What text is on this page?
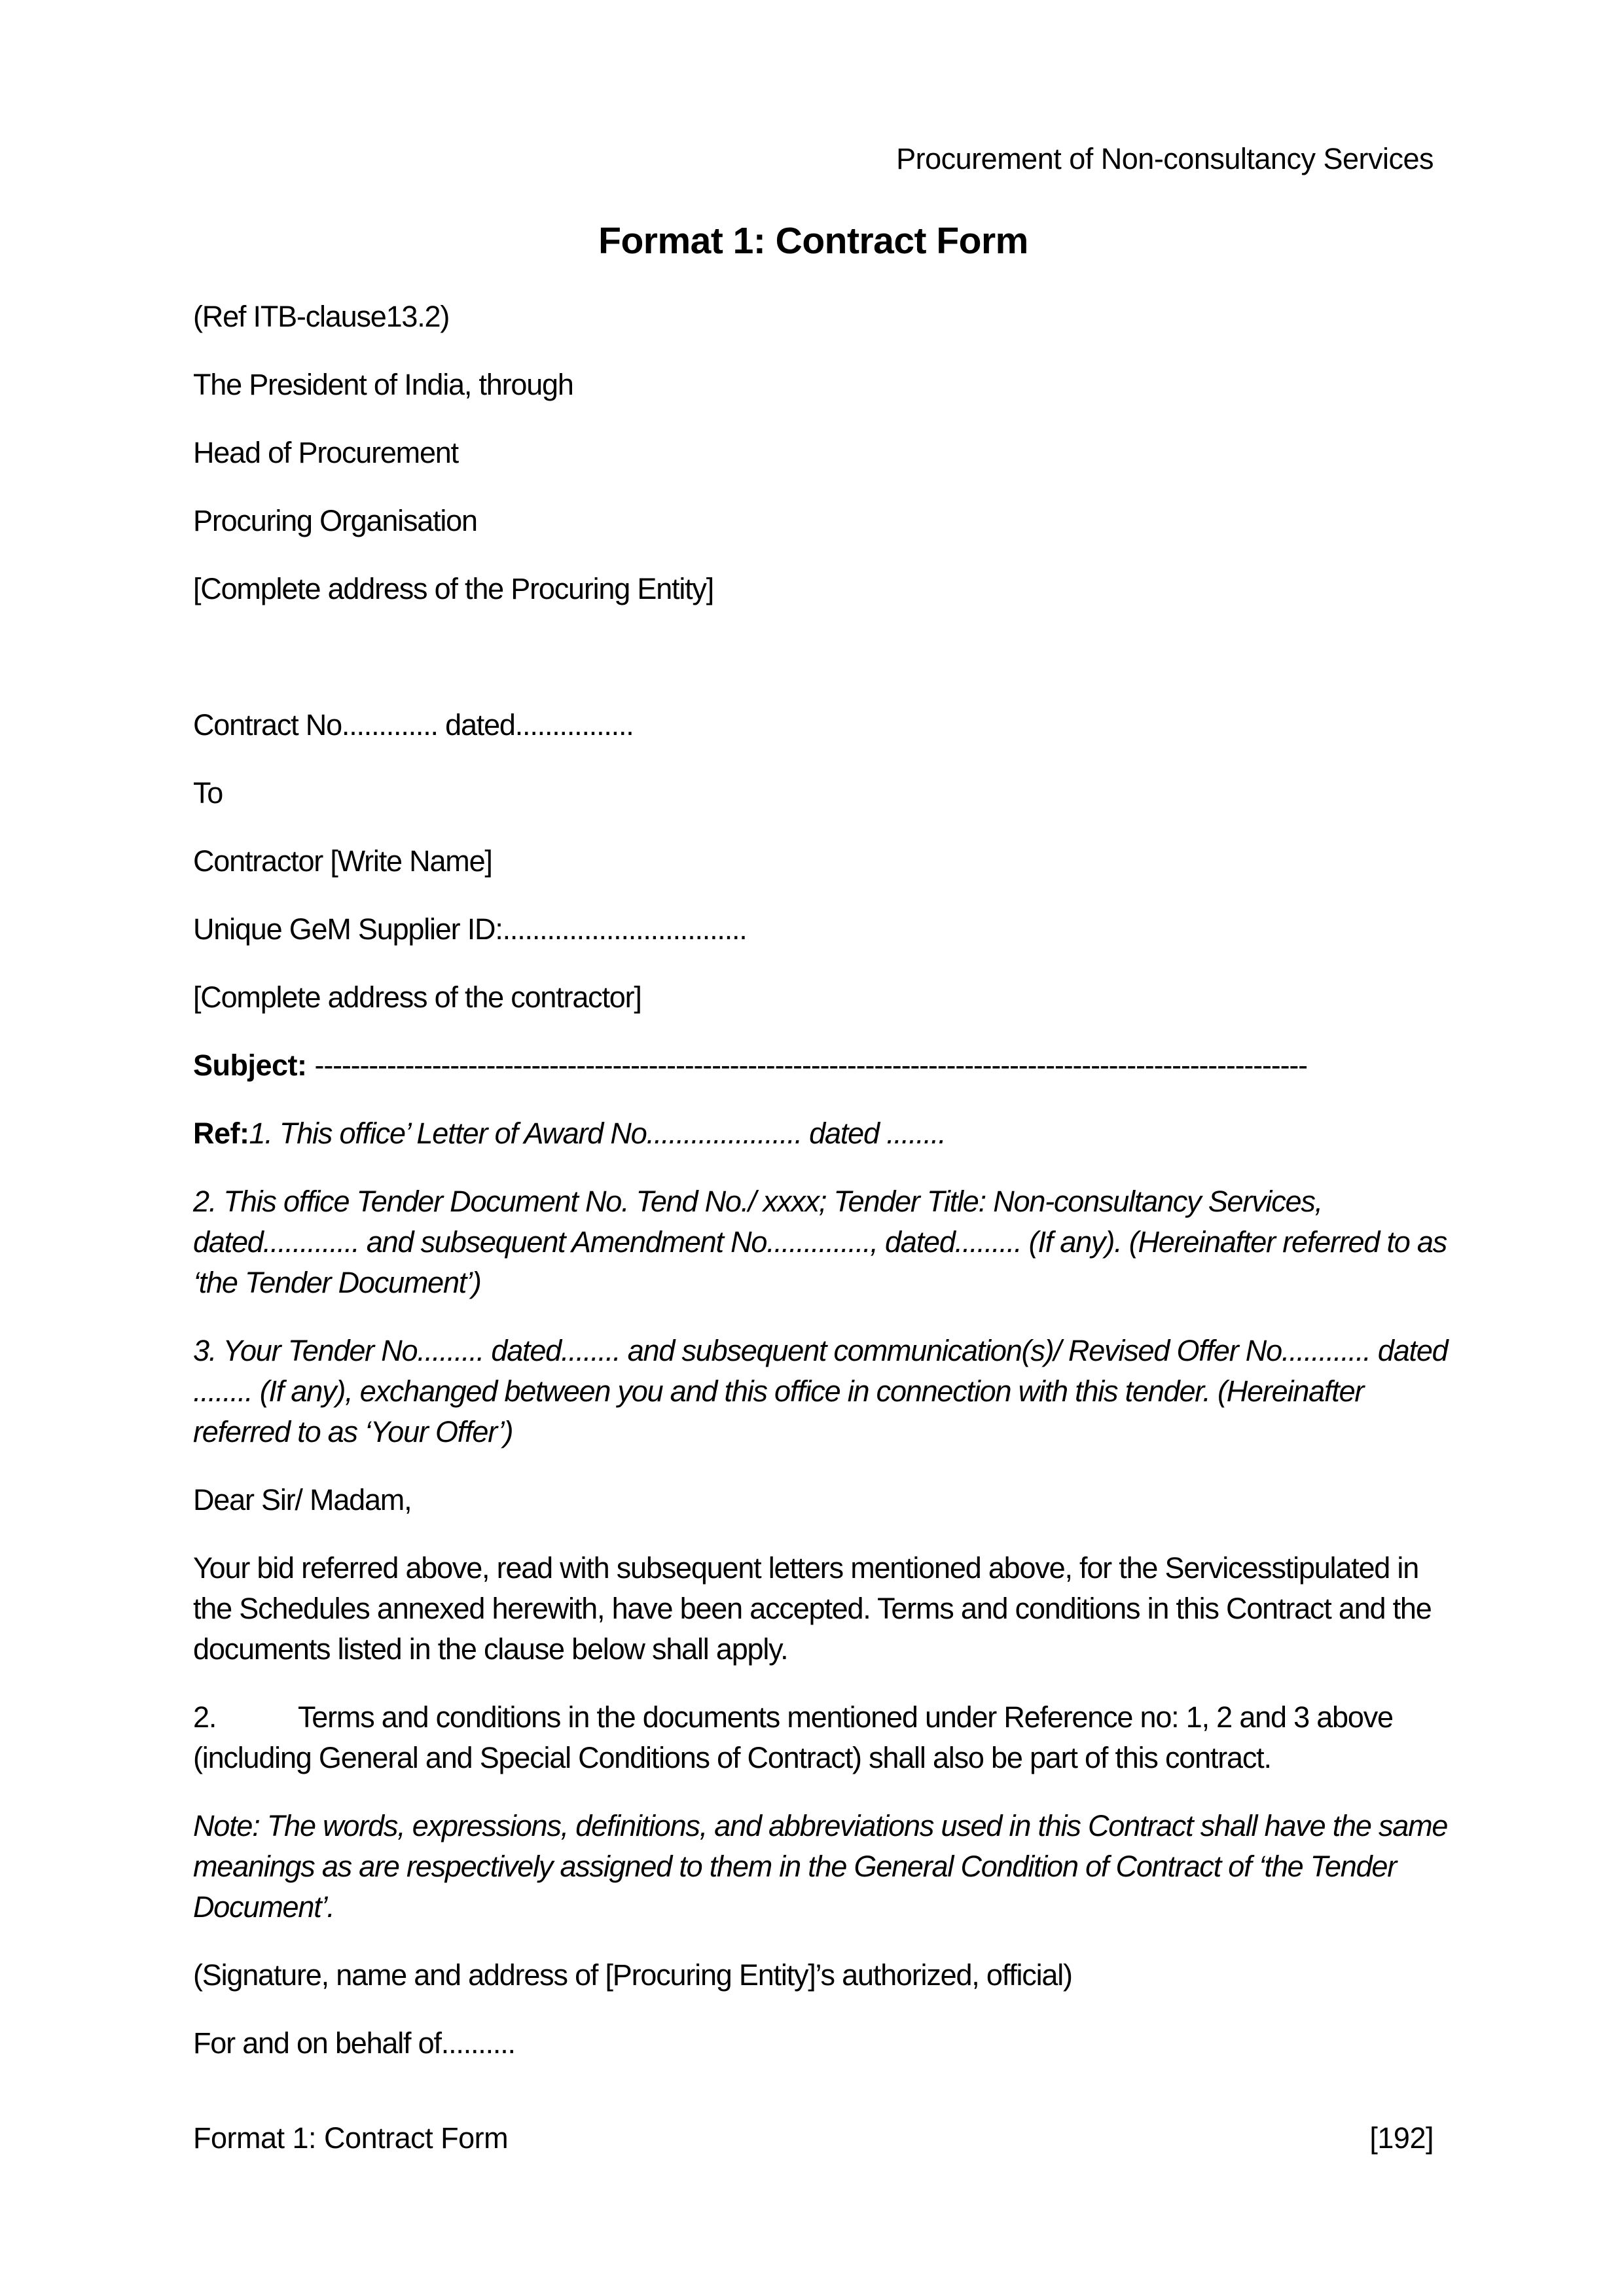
Procurement of Non-consultancy Services
Format 1: Contract Form
(Ref ITB-clause13.2)
The President of India, through
Head of Procurement
Procuring Organisation
[Complete address of the Procuring Entity]
Contract No............. dated................
To
Contractor [Write Name]
Unique GeM Supplier ID:.................................
[Complete address of the contractor]
Subject: --------------------------------------------------------------------------------------------------------------
Ref:1. This office’ Letter of Award No..................... dated ........
2. This office Tender Document No. Tend No./ xxxx; Tender Title: Non-consultancy Services,
dated............. and subsequent Amendment No.............., dated......... (If any). (Hereinafter referred to as
‘the Tender Document’)
3. Your Tender No......... dated........ and subsequent communication(s)/ Revised Offer No............ dated
........ (If any), exchanged between you and this office in connection with this tender. (Hereinafter
referred to as ‘Your Offer’)
Dear Sir/ Madam,
Your bid referred above, read with subsequent letters mentioned above, for the Servicesstipulated in
the Schedules annexed herewith, have been accepted. Terms and conditions in this Contract and the
documents listed in the clause below shall apply.
2.	Terms and conditions in the documents mentioned under Reference no: 1, 2 and 3 above
(including General and Special Conditions of Contract) shall also be part of this contract.
Note: The words, expressions, definitions, and abbreviations used in this Contract shall have the same
meanings as are respectively assigned to them in the General Condition of Contract of ‘the Tender
Document’.
(Signature, name and address of [Procuring Entity]’s authorized, official)
For and on behalf of..........
Format 1: Contract Form	[192]
